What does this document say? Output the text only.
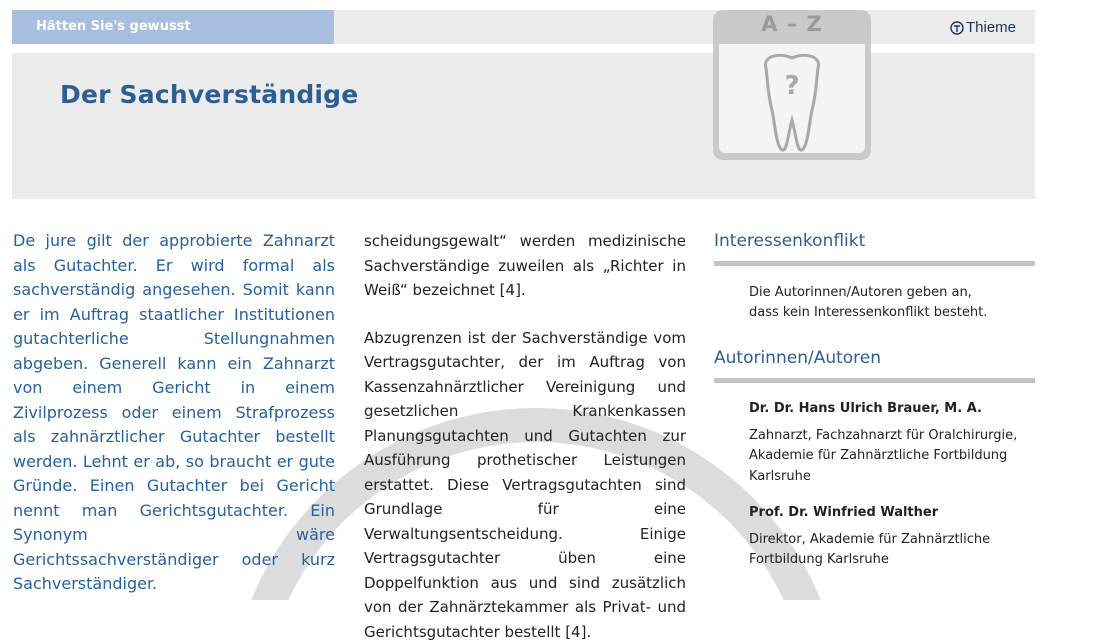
Hätten Sie's gewusst
Der Sachverständige
A – Z
?
Thieme

De jure gilt der approbierte Zahnarzt als Gutachter. Er wird formal als sachverständig angesehen. Somit kann er im Auftrag staatlicher Institutionen gutachterliche Stellungnahmen abgeben. Generell kann ein Zahnarzt von einem Gericht in einem Zivilprozess oder einem Strafprozess als zahnärztlicher Gutachter bestellt werden. Lehnt er ab, so braucht er gute Gründe. Einen Gutachter bei Gericht nennt man Gerichtsgutachter. Ein Synonym wäre Gerichtssachverständiger oder kurz Sachverständiger.

scheidungsgewalt“ werden medizinische Sachverständige zuweilen als „Richter in Weiß“ bezeichnet [4].

Abzugrenzen ist der Sachverständige vom Vertragsgutachter, der im Auftrag von Kassenzahnärztlicher Vereinigung und gesetzlichen Krankenkassen Planungsgutachten und Gutachten zur Ausführung prothetischer Leistungen erstattet. Diese Vertragsgutachten sind Grundlage für eine Verwaltungsentscheidung. Einige Vertragsgutachter üben eine Doppelfunktion aus und sind zusätzlich von der Zahnärztekammer als Privat- und Gerichtsgutachter bestellt [4].

Interessenkonflikt

Die Autorinnen/Autoren geben an,

dass kein Interessenkonflikt besteht.

Autorinnen/Autoren
Dr. Dr. Hans Ulrich Brauer, M. A.

Zahnarzt, Fachzahnarzt für Oralchirurgie,

Akademie für Zahnärztliche Fortbildung

Karlsruhe

Prof. Dr. Winfried Walther

Direktor, Akademie für Zahnärztliche

Fortbildung Karlsruhe
